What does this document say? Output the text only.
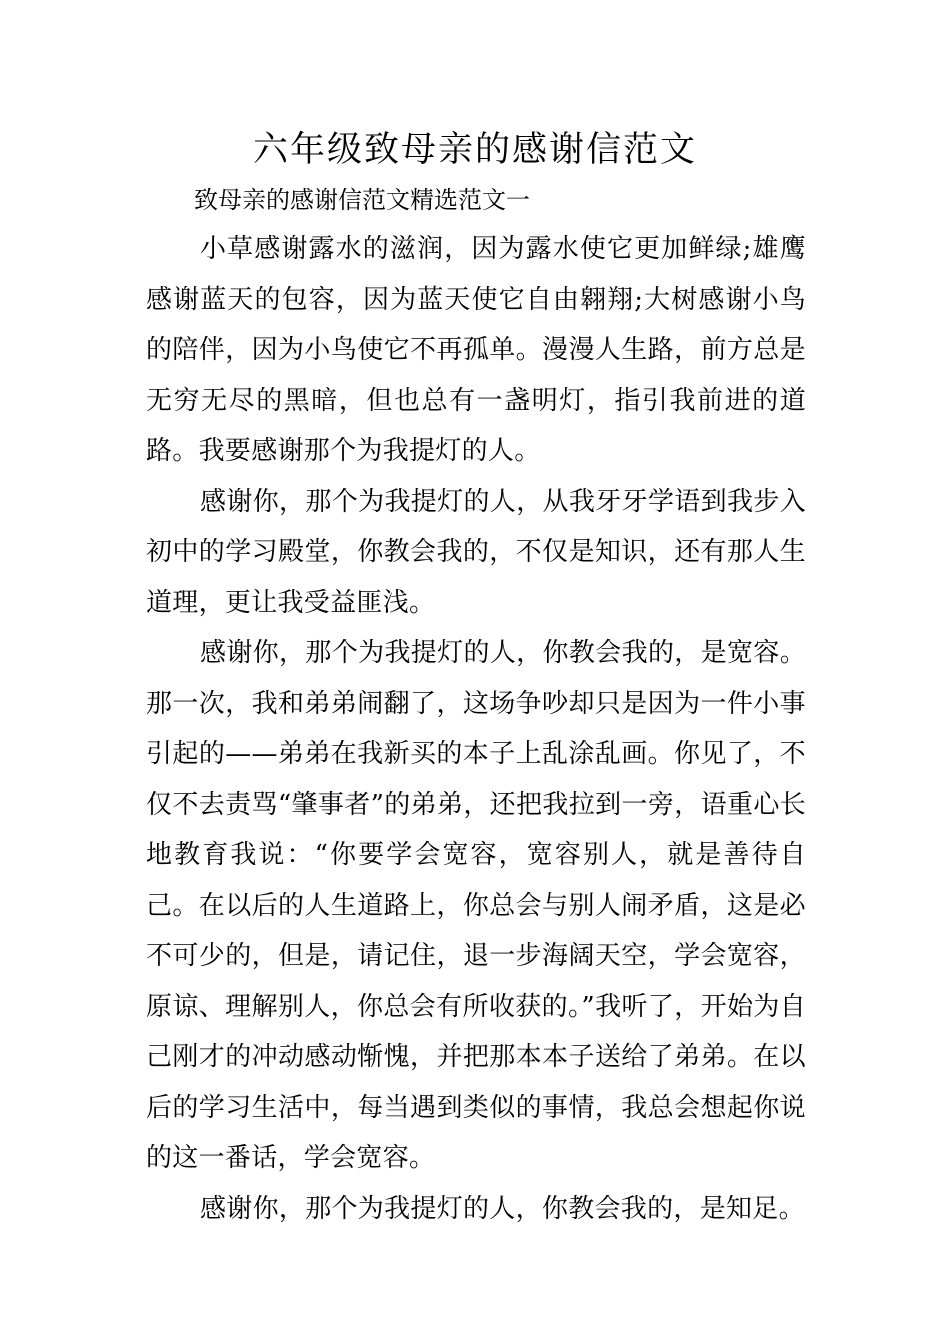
六年级致母亲的感谢信范文
致母亲的感谢信范文精选范文一

小草感谢露水的滋润，因为露水使它更加鲜绿;雄鹰感谢蓝天的包容，因为蓝天使它自由翱翔;大树感谢小鸟的陪伴，因为小鸟使它不再孤单。漫漫人生路，前方总是无穷无尽的黑暗，但也总有一盏明灯，指引我前进的道路。我要感谢那个为我提灯的人。

感谢你，那个为我提灯的人，从我牙牙学语到我步入初中的学习殿堂，你教会我的，不仅是知识，还有那人生道理，更让我受益匪浅。

感谢你，那个为我提灯的人，你教会我的，是宽容。那一次，我和弟弟闹翻了，这场争吵却只是因为一件小事引起的——弟弟在我新买的本子上乱涂乱画。你见了，不仅不去责骂“肇事者”的弟弟，还把我拉到一旁，语重心长地教育我说：“你要学会宽容，宽容别人，就是善待自己。在以后的人生道路上，你总会与别人闹矛盾，这是必不可少的，但是，请记住，退一步海阔天空，学会宽容，原谅、理解别人，你总会有所收获的。”我听了，开始为自己刚才的冲动感动惭愧，并把那本本子送给了弟弟。在以后的学习生活中，每当遇到类似的事情，我总会想起你说的这一番话，学会宽容。

感谢你，那个为我提灯的人，你教会我的，是知足。
